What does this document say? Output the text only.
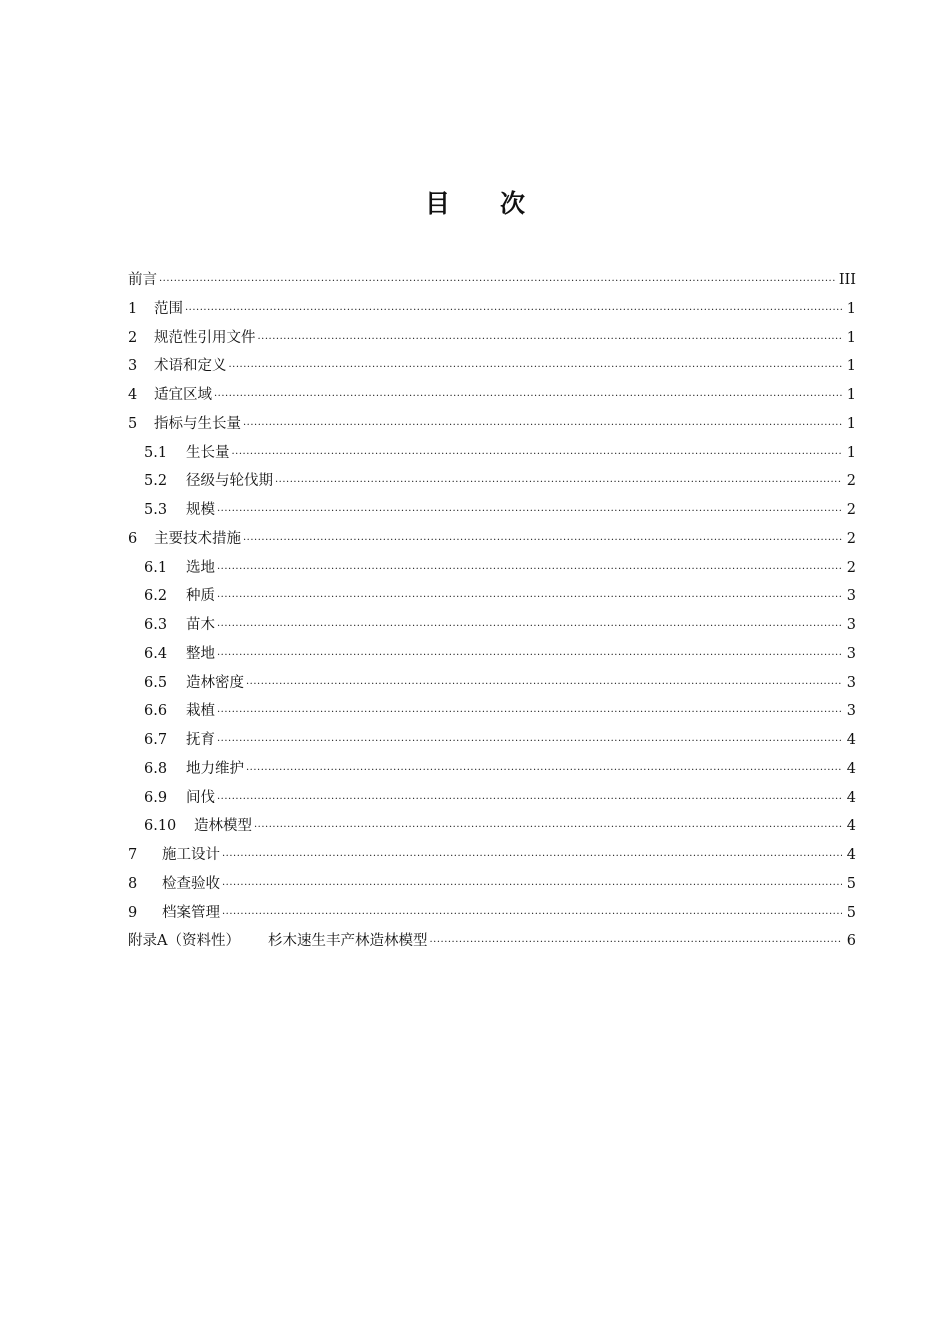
目次
前言 ·····	III
1	范围 ·····	1
2	规范性引用文件 ·····	1
3	术语和定义 ·····	1
4	适宜区域 ·····	1
5	指标与生长量 ·····	1
5.1	生长量 ·····	1
5.2	径级与轮伐期 ·····	2
5.3	规模 ·····	2
6	主要技术措施 ·····	2
6.1	选地 ·····	2
6.2	种质 ·····	3
6.3	苗木 ·····	3
6.4	整地 ·····	3
6.5	造林密度 ·····	3
6.6	栽植 ·····	3
6.7	抚育 ·····	4
6.8	地力维护 ·····	4
6.9	间伐 ·····	4
6.10	造林模型 ·····	4
7	施工设计 ·····	4
8	检查验收 ·····	5
9	档案管理 ·····	5
附录A（资料性） 杉木速生丰产林造林模型 ·····	6
